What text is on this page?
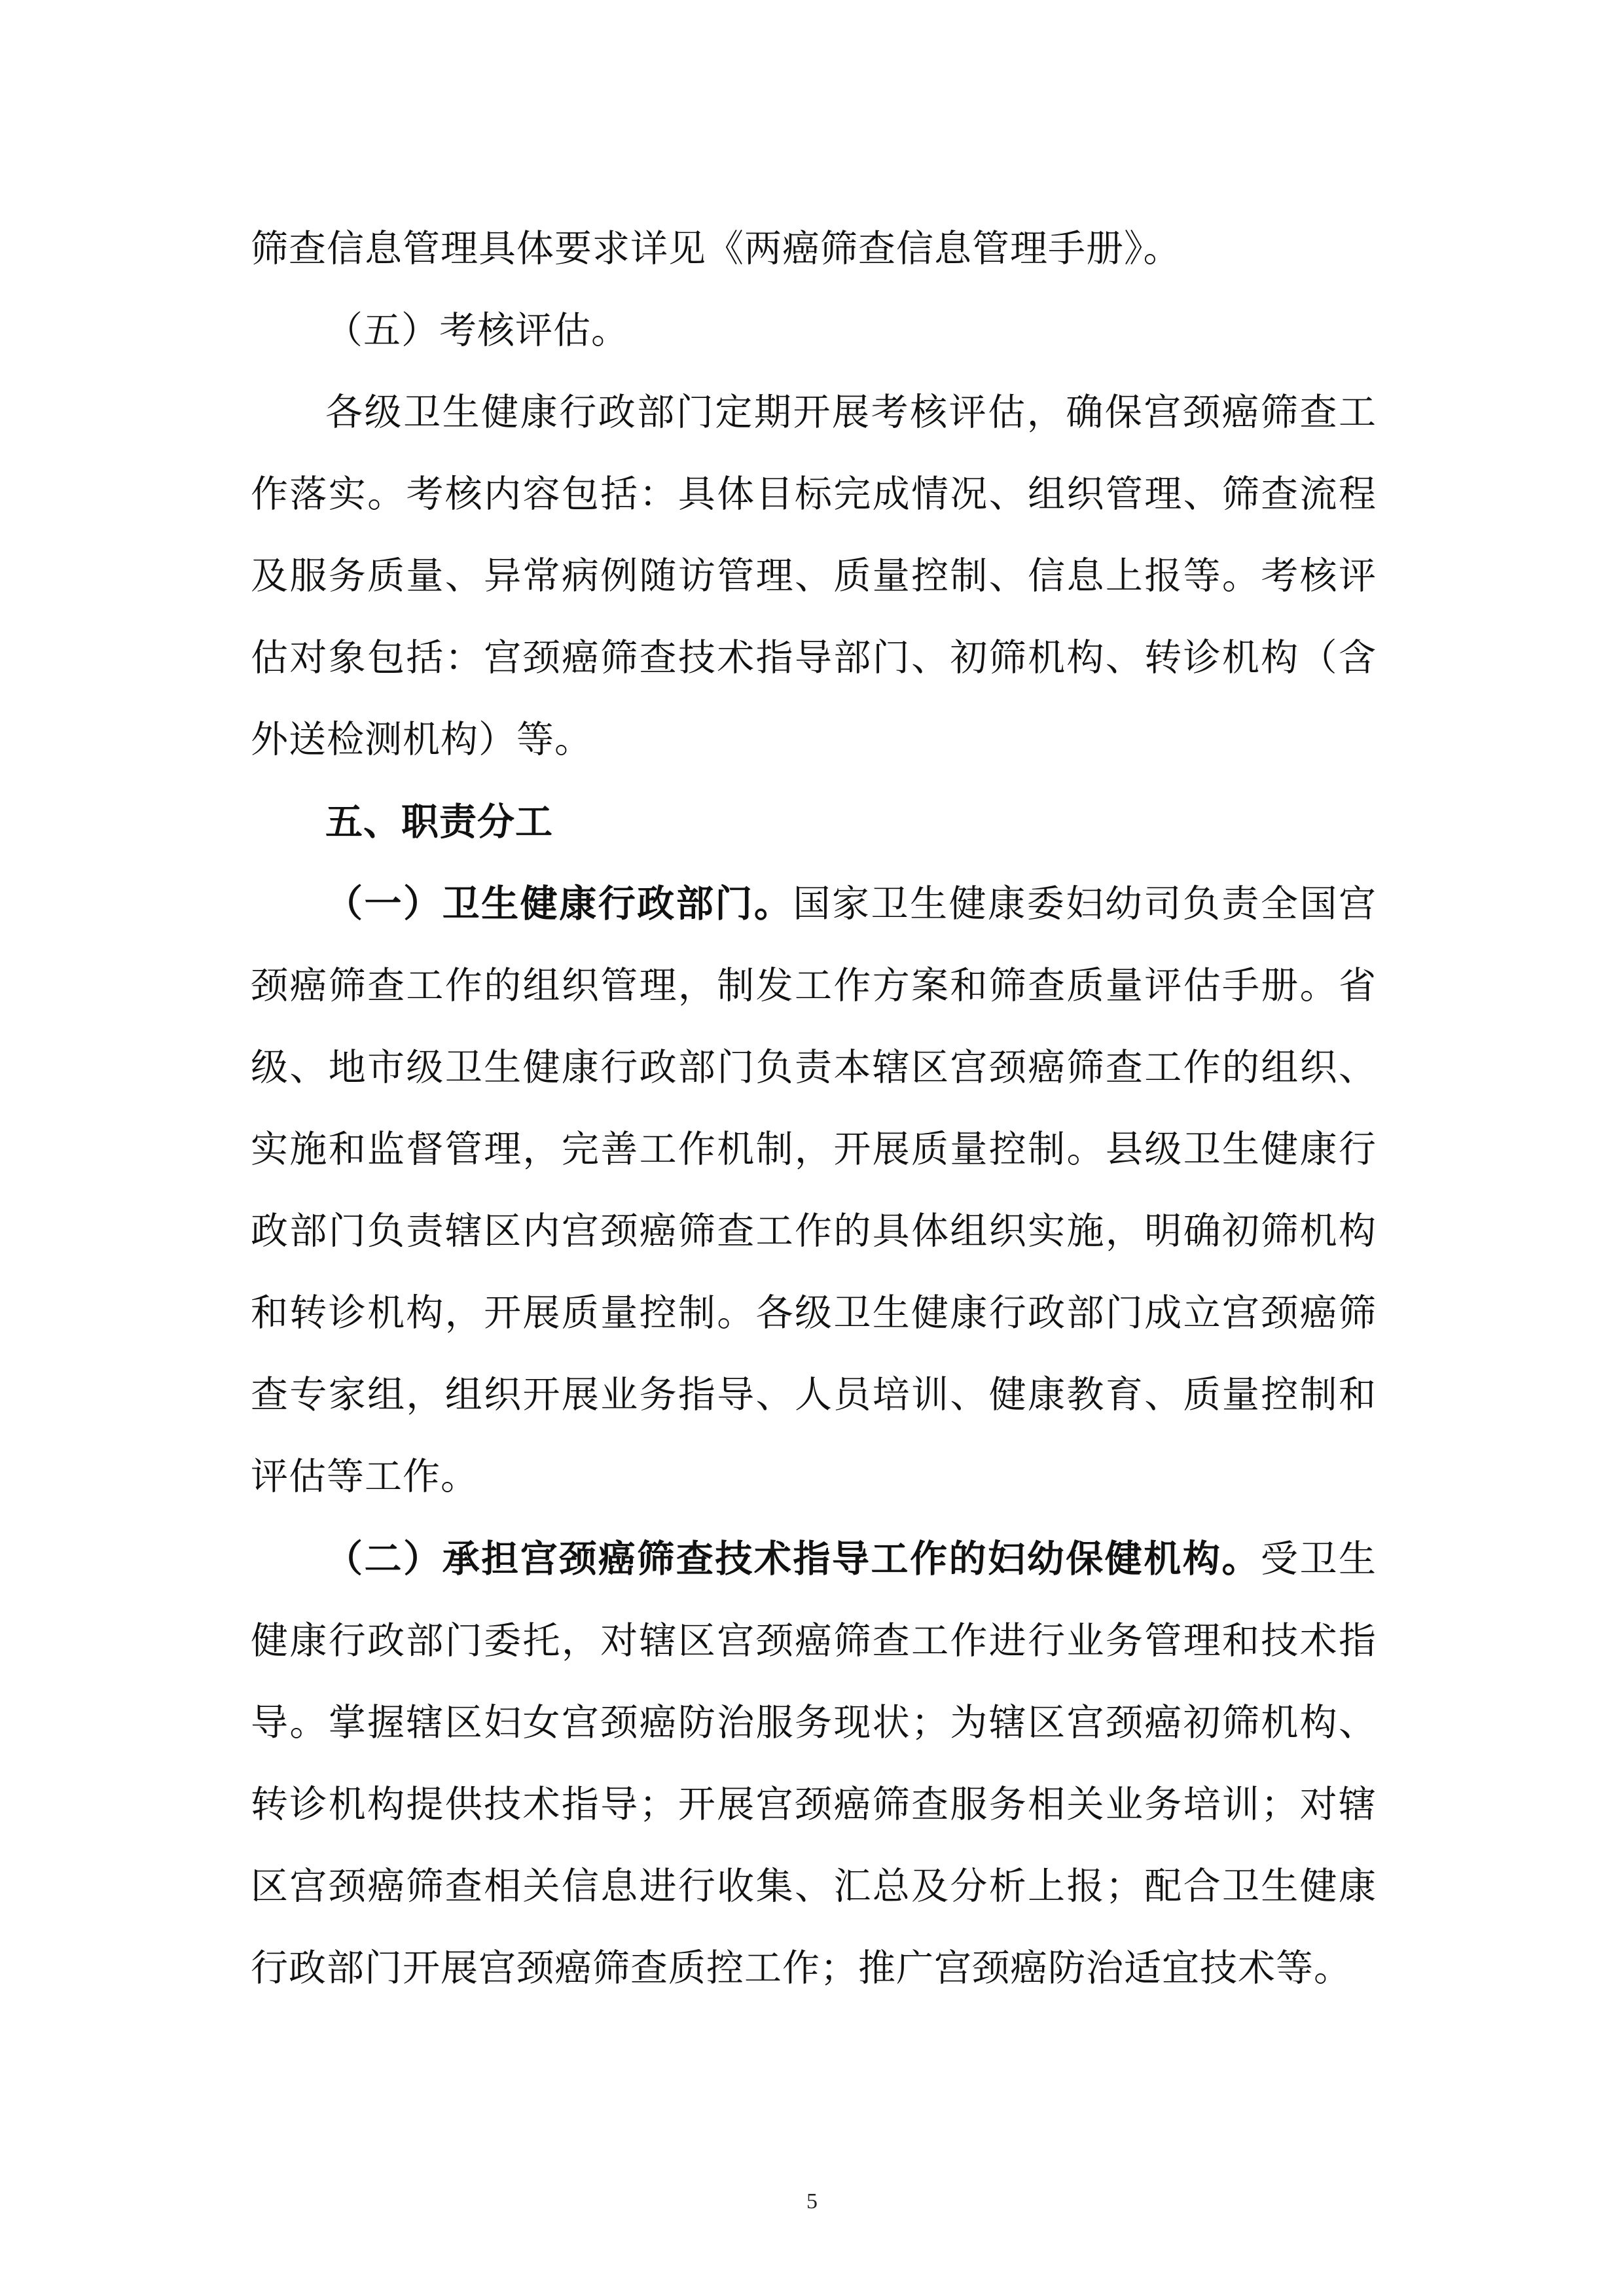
筛查信息管理具体要求详见《两癌筛查信息管理手册》。

（五）考核评估。

各级卫生健康行政部门定期开展考核评估，确保宫颈癌筛查工作落实。考核内容包括：具体目标完成情况、组织管理、筛查流程及服务质量、异常病例随访管理、质量控制、信息上报等。考核评估对象包括：宫颈癌筛查技术指导部门、初筛机构、转诊机构（含外送检测机构）等。

五、职责分工

（一）卫生健康行政部门。国家卫生健康委妇幼司负责全国宫颈癌筛查工作的组织管理，制发工作方案和筛查质量评估手册。省级、地市级卫生健康行政部门负责本辖区宫颈癌筛查工作的组织、实施和监督管理，完善工作机制，开展质量控制。县级卫生健康行政部门负责辖区内宫颈癌筛查工作的具体组织实施，明确初筛机构和转诊机构，开展质量控制。各级卫生健康行政部门成立宫颈癌筛查专家组，组织开展业务指导、人员培训、健康教育、质量控制和评估等工作。

（二）承担宫颈癌筛查技术指导工作的妇幼保健机构。受卫生健康行政部门委托，对辖区宫颈癌筛查工作进行业务管理和技术指导。掌握辖区妇女宫颈癌防治服务现状；为辖区宫颈癌初筛机构、转诊机构提供技术指导；开展宫颈癌筛查服务相关业务培训；对辖区宫颈癌筛查相关信息进行收集、汇总及分析上报；配合卫生健康行政部门开展宫颈癌筛查质控工作；推广宫颈癌防治适宜技术等。

5
